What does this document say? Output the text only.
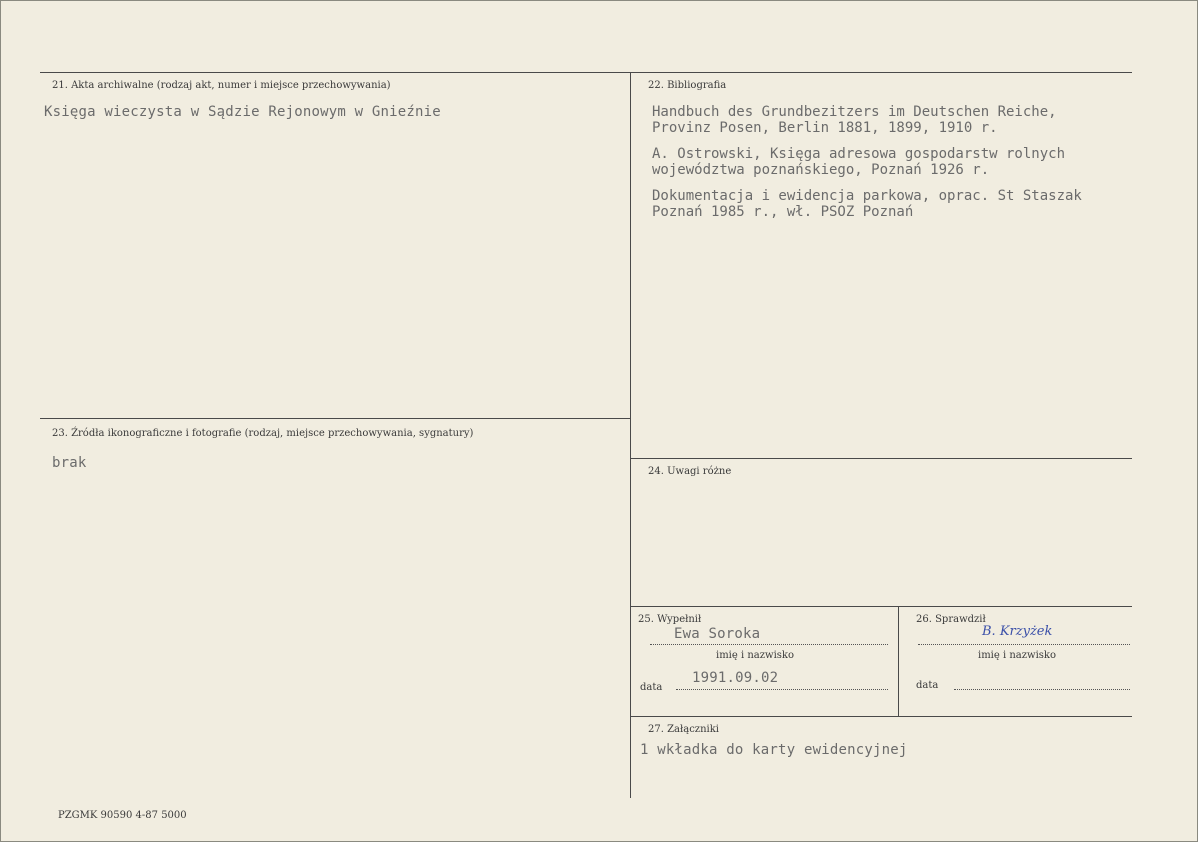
21. Akta archiwalne (rodzaj akt, numer i miejsce przechowywania)
Księga wieczysta w Sądzie Rejonowym w Gnieźnie
22. Bibliografia
Handbuch des Grundbezitzers im Deutschen Reiche,
Provinz Posen, Berlin 1881, 1899, 1910 r.
A. Ostrowski, Księga adresowa gospodarstw rolnych
województwa poznańskiego, Poznań 1926 r.
Dokumentacja i ewidencja parkowa, oprac. St Staszak
Poznań 1985 r., wł. PSOZ Poznań
23. Źródła ikonograficzne i fotografie (rodzaj, miejsce przechowywania, sygnatury)
brak
24. Uwagi różne
25. Wypełnił
Ewa Soroka
imię i nazwisko
data
1991.09.02
26. Sprawdził
B. Krzyżek
imię i nazwisko
data
27. Załączniki
1 wkładka do karty ewidencyjnej
PZGMK 90590 4-87 5000
